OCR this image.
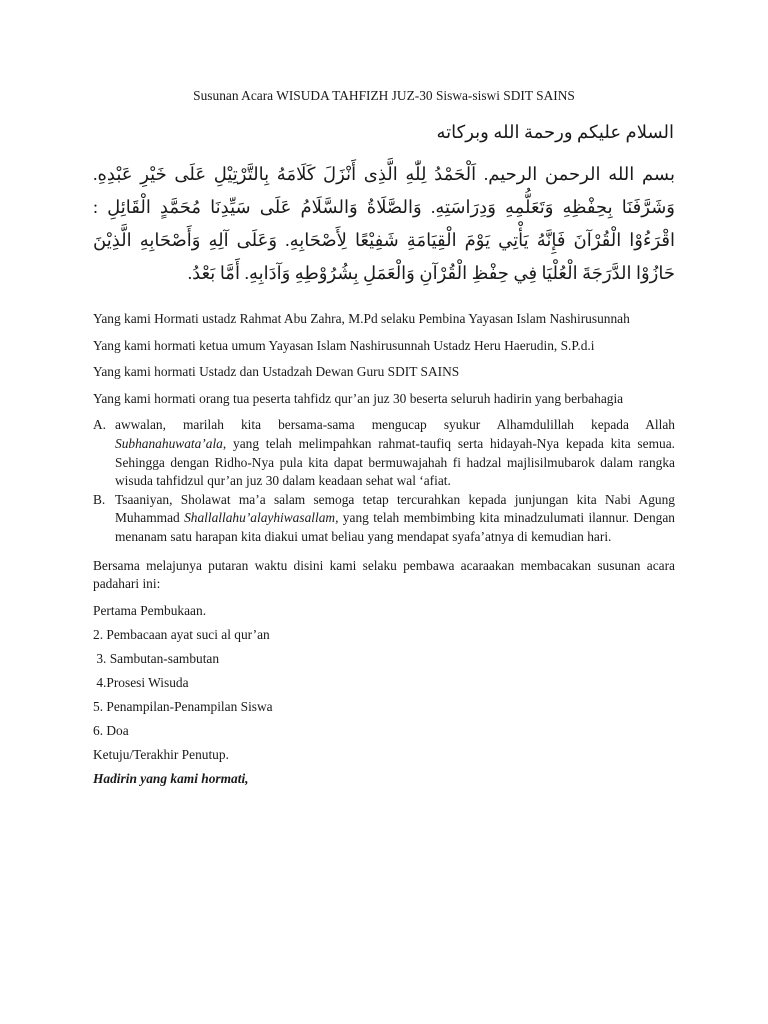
Susunan Acara WISUDA TAHFIZH JUZ-30 Siswa-siswi SDIT SAINS
السلام عليكم ورحمة الله وبركاته
بسم الله الرحمن الرحيم. اَلْحَمْدُ لِلّٰهِ الَّذِى أَنْزَلَ كَلَامَهُ بِالتَّرْتِيْلِ عَلَى خَيْرِ عَبْدِهِ. وَشَرَّفَنَا بِحِفْظِهِ وَتَعَلُّمِهِ وَدِرَاسَتِهِ. وَالصَّلَاةُ وَالسَّلَامُ عَلَى سَيِّدِنَا مُحَمَّدٍ الْقَائِلِ : اقْرَءُوْا الْقُرْآنَ فَإِنَّهُ يَأْتِي يَوْمَ الْقِيَامَةِ شَفِيْعًا لِأَصْحَابِهِ. وَعَلَى آلِهِ وَأَصْحَابِهِ الَّذِيْنَ حَازُوْا الدَّرَجَةَ الْعُلْيَا فِي حِفْظِ الْقُرْآنِ وَالْعَمَلِ بِشُرُوْطِهِ وَآدَابِهِ. أَمَّا بَعْدُ.

Yang kami Hormati ustadz Rahmat Abu Zahra, M.Pd selaku Pembina Yayasan Islam Nashirusunnah

Yang kami hormati ketua umum Yayasan Islam Nashirusunnah Ustadz Heru Haerudin, S.P.d.i

Yang kami hormati Ustadz dan Ustadzah Dewan Guru SDIT SAINS

Yang kami hormati orang tua peserta tahfidz qur’an juz 30 beserta seluruh hadirin yang berbahagia

A. awwalan, marilah kita bersama-sama mengucap syukur Alhamdulillah kepada Allah Subhanahuwata’ala, yang telah melimpahkan rahmat-taufiq serta hidayah-Nya kepada kita semua. Sehingga dengan Ridho-Nya pula kita dapat bermuwajahah fi hadzal majlisilmubarok dalam rangka wisuda tahfidzul qur’an juz 30 dalam keadaan sehat wal ‘afiat.
B. Tsaaniyan, Sholawat ma’a salam semoga tetap tercurahkan kepada junjungan kita Nabi Agung Muhammad Shallallahu’alayhiwasallam, yang telah membimbing kita minadzulumati ilannur. Dengan menanam satu harapan kita diakui umat beliau yang mendapat syafa’atnya di kemudian hari.

Bersama melajunya putaran waktu disini kami selaku pembawa acaraakan membacakan susunan acara padahari ini:

Pertama Pembukaan.

2. Pembacaan ayat suci al qur’an

3. Sambutan-sambutan

4.Prosesi Wisuda

5. Penampilan-Penampilan Siswa

6. Doa

Ketuju/Terakhir Penutup.

Hadirin yang kami hormati,
